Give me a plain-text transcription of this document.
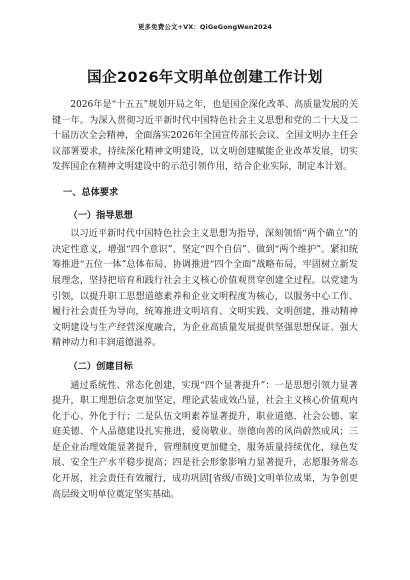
更多免费公文+VX：QiGeGongWen2024
国企2026年文明单位创建工作计划

2026年是“十五五”规划开局之年，也是国企深化改革、高质量发展的关键一年。为深入贯彻习近平新时代中国特色社会主义思想和党的二十大及二十届历次全会精神，全面落实2026年全国宣传部长会议、全国文明办主任会议部署要求，持续深化精神文明建设，以文明创建赋能企业改革发展，切实发挥国企在精神文明建设中的示范引领作用，结合企业实际，制定本计划。

一、总体要求

（一）指导思想

以习近平新时代中国特色社会主义思想为指导，深刻领悟“两个确立”的决定性意义，增强“四个意识”、坚定“四个自信”、做到“两个维护”。紧扣统筹推进“五位一体”总体布局、协调推进“四个全面”战略布局，牢固树立新发展理念，坚持把培育和践行社会主义核心价值观贯穿创建全过程。以党建为引领，以提升职工思想道德素养和企业文明程度为核心，以服务中心工作、履行社会责任为导向，统筹推进文明培育、文明实践、文明创建，推动精神文明建设与生产经营深度融合，为企业高质量发展提供坚强思想保证、强大精神动力和丰润道德滋养。

（二）创建目标

通过系统性、常态化创建，实现“四个显著提升”：一是思想引领力显著提升，职工理想信念更加坚定，理论武装成效凸显，社会主义核心价值观内化于心、外化于行；二是队伍文明素养显著提升，职业道德、社会公德、家庭美德、个人品德建设扎实推进，爱岗敬业、崇德向善的风尚蔚然成风；三是企业治理效能显著提升，管理制度更加健全，服务质量持续优化，绿色发展、安全生产水平稳步提高；四是社会形象影响力显著提升，志愿服务常态化开展，社会责任有效履行，成功巩固[省级/市级]文明单位成果，为争创更高层级文明单位奠定坚实基础。
